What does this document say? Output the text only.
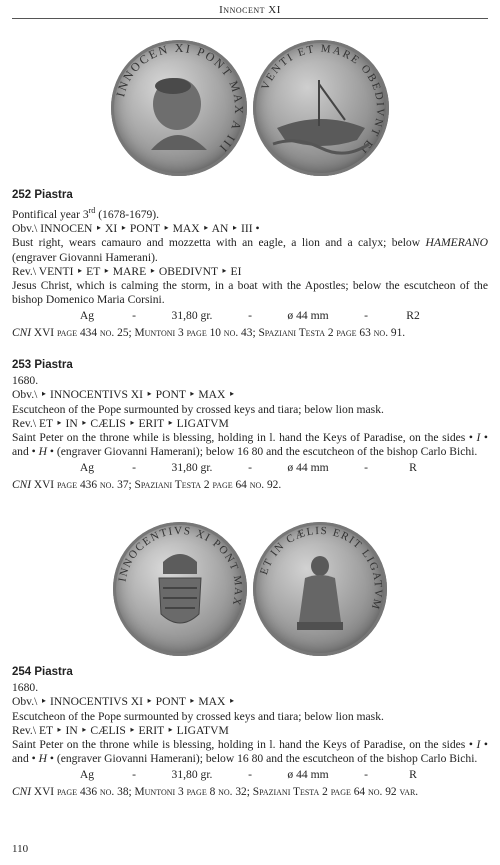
Innocent XI
INNOCEN XI PONT MAX A III
VENTI ET MARE OBEDIVNT EI
252 Piastra

Pontifical year 3rd (1678-1679).

Obv.\ INNOCEN ‣ XI ‣ PONT ‣ MAX ‣ AN ‣ III •

Bust right, wears camauro and mozzetta with an eagle, a lion and a calyx; below HAMERANO (engraver Giovanni Hamerani).

Rev.\ VENTI ‣ ET ‣ MARE ‣ OBEDIVNT ‣ EI

Jesus Christ, which is calming the storm, in a boat with the Apostles; below the escutcheon of the bishop Domenico Maria Corsini.

Ag	-	31,80 gr.	-	ø 44 mm	-	R2

CNI XVI page 434 no. 25; Muntoni 3 page 10 no. 43; Spaziani Testa 2 page 63 no. 91.

253 Piastra

1680.

Obv.\ ‣ INNOCENTIVS XI ‣ PONT ‣ MAX ‣

Escutcheon of the Pope surmounted by crossed keys and tiara; below lion mask.

Rev.\ ET ‣ IN ‣ CÆLIS ‣ ERIT ‣ LIGATVM

Saint Peter on the throne while is blessing, holding in l. hand the Keys of Paradise, on the sides • I • and • H • (engraver Giovanni Hamerani); below 16 80 and the escutcheon of the bishop Carlo Bichi.

Ag	-	31,80 gr.	-	ø 44 mm	-	R

CNI XVI page 436 no. 37; Spaziani Testa 2 page 64 no. 92.

INNOCENTIVS XI PONT MAX
ET IN CÆLIS ERIT LIGATVM
254 Piastra

1680.

Obv.\ ‣ INNOCENTIVS XI ‣ PONT ‣ MAX ‣

Escutcheon of the Pope surmounted by crossed keys and tiara; below lion mask.

Rev.\ ET ‣ IN ‣ CÆLIS ‣ ERIT ‣ LIGATVM

Saint Peter on the throne while is blessing, holding in l. hand the Keys of Paradise, on the sides • I • and • H • (engraver Giovanni Hamerani); below 16 80 and the escutcheon of the bishop Carlo Bichi.

Ag	-	31,80 gr.	-	ø 44 mm	-	R

CNI XVI page 436 no. 38; Muntoni 3 page 8 no. 32; Spaziani Testa 2 page 64 no. 92 var.

110
